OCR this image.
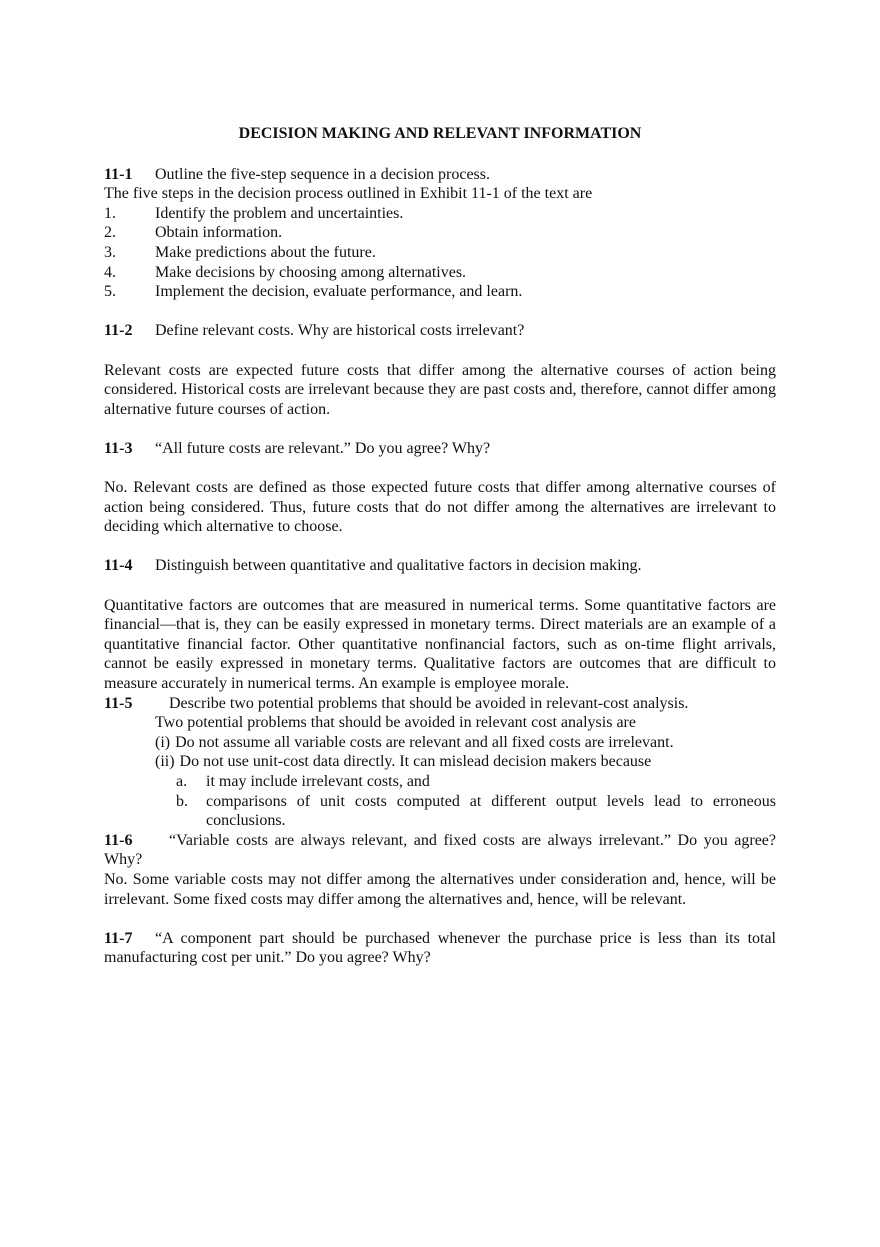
DECISION MAKING AND RELEVANT INFORMATION
11-1	Outline the five-step sequence in a decision process.

The five steps in the decision process outlined in Exhibit 11-1 of the text are

1.	Identify the problem and uncertainties.
2.	Obtain information.
3.	Make predictions about the future.
4.	Make decisions by choosing among alternatives.
5.	Implement the decision, evaluate performance, and learn.
11-2	Define relevant costs. Why are historical costs irrelevant?

Relevant costs are expected future costs that differ among the alternative courses of action being considered. Historical costs are irrelevant because they are past costs and, therefore, cannot differ among alternative future courses of action.

11-3	“All future costs are relevant.” Do you agree? Why?

No. Relevant costs are defined as those expected future costs that differ among alternative courses of action being considered. Thus, future costs that do not differ among the alternatives are irrelevant to deciding which alternative to choose.

11-4	Distinguish between quantitative and qualitative factors in decision making.

Quantitative factors are outcomes that are measured in numerical terms. Some quantitative factors are financial—that is, they can be easily expressed in monetary terms. Direct materials are an example of a quantitative financial factor. Other quantitative nonfinancial factors, such as on-time flight arrivals, cannot be easily expressed in monetary terms. Qualitative factors are outcomes that are difficult to measure accurately in numerical terms. An example is employee morale.

11-5	Describe two potential problems that should be avoided in relevant-cost analysis.

Two potential problems that should be avoided in relevant cost analysis are

(i) Do not assume all variable costs are relevant and all fixed costs are irrelevant.
(ii) Do not use unit-cost data directly. It can mislead decision makers because
a.	it may include irrelevant costs, and
b.	comparisons of unit costs computed at different output levels lead to erroneous conclusions.

11-6 “Variable costs are always relevant, and fixed costs are always irrelevant.” Do you agree? Why?

No. Some variable costs may not differ among the alternatives under consideration and, hence, will be irrelevant. Some fixed costs may differ among the alternatives and, hence, will be relevant.

11-7 “A component part should be purchased whenever the purchase price is less than its total manufacturing cost per unit.” Do you agree? Why?
